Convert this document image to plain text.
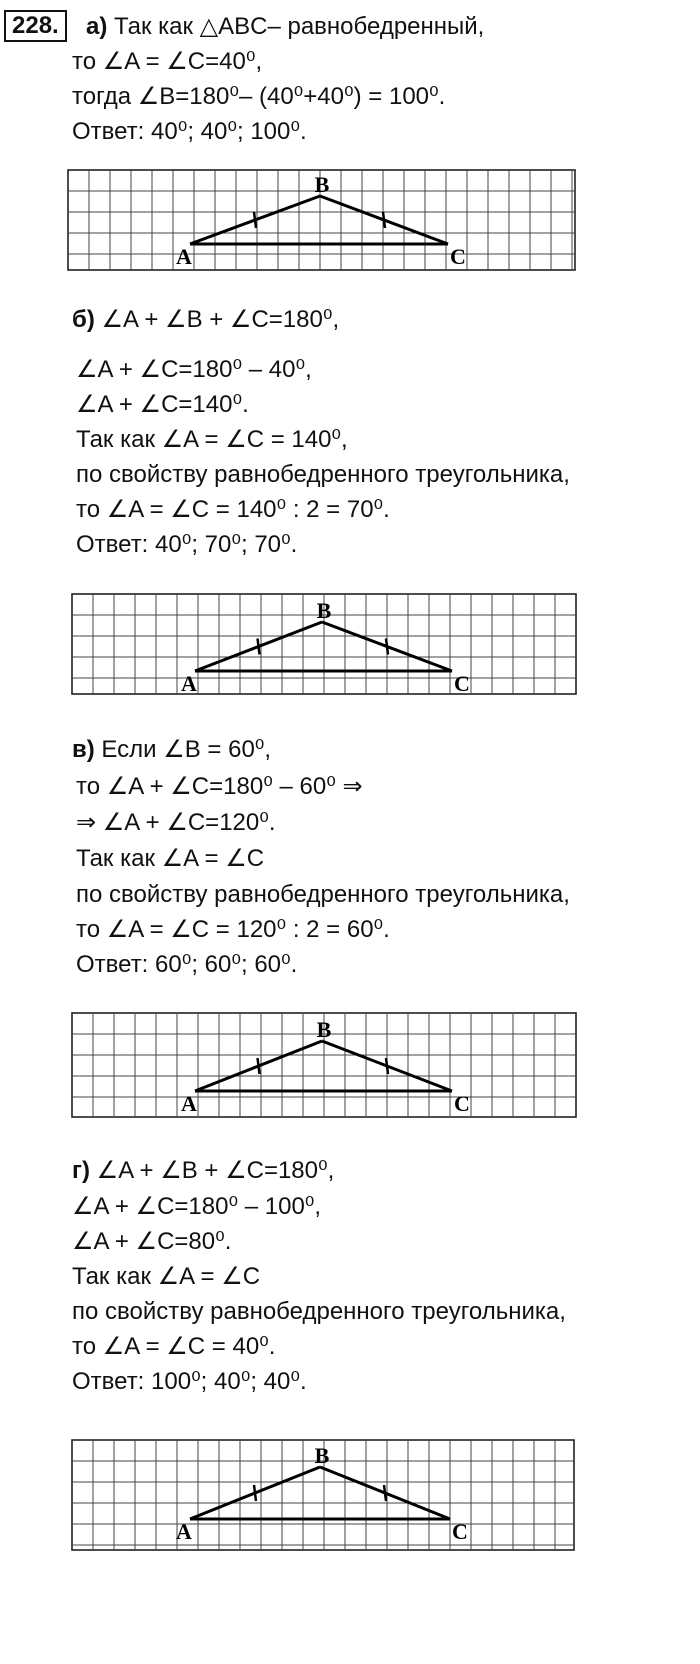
228.	а) Так как △ABC– равнобедренный,
то ∠A = ∠C=40⁰,
тогда ∠B=180⁰– (40⁰+40⁰) = 100⁰.
Ответ: 40⁰; 40⁰; 100⁰.
A
B
C
A
B
C
A
B
C
A
B
C
б) ∠A + ∠B + ∠C=180⁰,
∠A + ∠C=180⁰ – 40⁰,
∠A + ∠C=140⁰.
Так как ∠A = ∠C = 140⁰,
по свойству равнобедренного треугольника,
то ∠A = ∠C = 140⁰ : 2 = 70⁰.
Ответ: 40⁰; 70⁰; 70⁰.
в) Если ∠B = 60⁰,
то ∠A + ∠C=180⁰ – 60⁰ ⇒
⇒ ∠A + ∠C=120⁰.
Так как ∠A = ∠C
по свойству равнобедренного треугольника,
то ∠A = ∠C = 120⁰ : 2 = 60⁰.
Ответ: 60⁰; 60⁰; 60⁰.
г) ∠A + ∠B + ∠C=180⁰,
∠A + ∠C=180⁰ – 100⁰,
∠A + ∠C=80⁰.
Так как ∠A = ∠C
по свойству равнобедренного треугольника,
то ∠A = ∠C = 40⁰.
Ответ: 100⁰; 40⁰; 40⁰.
